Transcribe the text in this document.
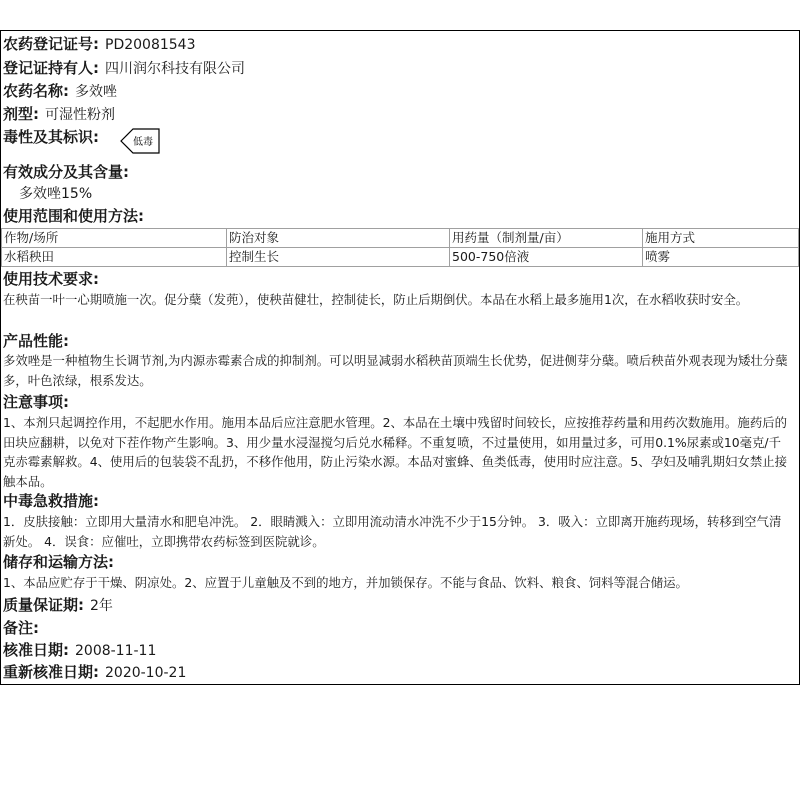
农药登记证号: PD20081543
登记证持有人: 四川润尔科技有限公司
农药名称: 多效唑
剂型: 可湿性粉剂
毒性及其标识:	低毒
有效成分及其含量:
多效唑15%
使用范围和使用方法:
作物/场所	防治对象	用药量（制剂量/亩）	施用方式
水稻秧田	控制生长	500-750倍液	喷雾
使用技术要求:
在秧苗一叶一心期喷施一次。促分蘖（发蔸），使秧苗健壮，控制徒长，防止后期倒伏。本品在水稻上最多施用1次，在水稻收获时安全。
产品性能:
多效唑是一种植物生长调节剂,为内源赤霉素合成的抑制剂。可以明显减弱水稻秧苗顶端生长优势，促进侧芽分蘖。喷后秧苗外观表现为矮壮分蘖多，叶色浓绿，根系发达。
注意事项:
1、本剂只起调控作用，不起肥水作用。施用本品后应注意肥水管理。2、本品在土壤中残留时间较长，应按推荐药量和用药次数施用。施药后的田块应翻耕，以免对下茬作物产生影响。3、用少量水浸湿搅匀后兑水稀释。不重复喷，不过量使用，如用量过多，可用0.1%尿素或10毫克/千克赤霉素解救。4、使用后的包装袋不乱扔，不移作他用，防止污染水源。本品对蜜蜂、鱼类低毒，使用时应注意。5、孕妇及哺乳期妇女禁止接触本品。
中毒急救措施:
1．皮肤接触：立即用大量清水和肥皂冲洗。 2．眼睛溅入：立即用流动清水冲洗不少于15分钟。 3．吸入：立即离开施药现场，转移到空气清新处。 4．误食：应催吐，立即携带农药标签到医院就诊。
储存和运输方法:
1、本品应贮存于干燥、阴凉处。2、应置于儿童触及不到的地方，并加锁保存。不能与食品、饮料、粮食、饲料等混合储运。
质量保证期: 2年
备注:
核准日期: 2008-11-11
重新核准日期: 2020-10-21
